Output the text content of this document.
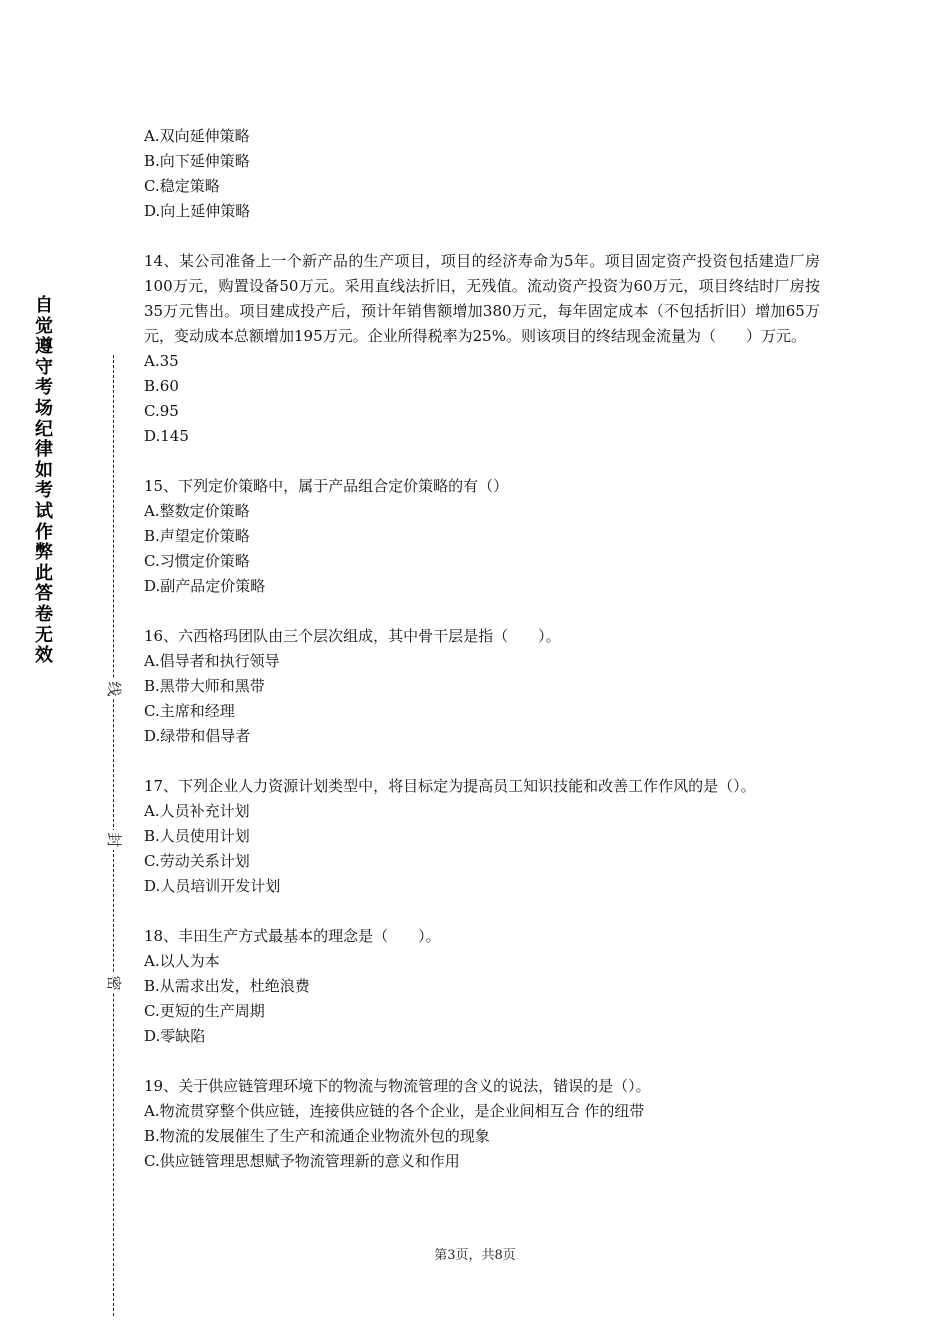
自
觉
遵
守
考
场
纪
律
如
考
试
作
弊
此
答
卷
无
效
线
封
密
A.双向延伸策略
B.向下延伸策略
C.稳定策略
D.向上延伸策略
14、某公司准备上一个新产品的生产项目，项目的经济寿命为5年。项目固定资产投资包括建造厂房100万元，购置设备50万元。采用直线法折旧，无残值。流动资产投资为60万元，项目终结时厂房按35万元售出。项目建成投产后，预计年销售额增加380万元，每年固定成本（不包括折旧）增加65万元，变动成本总额增加195万元。企业所得税率为25%。则该项目的终结现金流量为（　　）万元。
A.35
B.60
C.95
D.145
15、下列定价策略中，属于产品组合定价策略的有（）
A.整数定价策略
B.声望定价策略
C.习惯定价策略
D.副产品定价策略
16、六西格玛团队由三个层次组成，其中骨干层是指（　　）。
A.倡导者和执行领导
B.黑带大师和黑带
C.主席和经理
D.绿带和倡导者
17、下列企业人力资源计划类型中，将目标定为提高员工知识技能和改善工作作风的是（）。
A.人员补充计划
B.人员使用计划
C.劳动关系计划
D.人员培训开发计划
18、丰田生产方式最基本的理念是（　　）。
A.以人为本
B.从需求出发，杜绝浪费
C.更短的生产周期
D.零缺陷
19、关于供应链管理环境下的物流与物流管理的含义的说法，错误的是（）。
A.物流贯穿整个供应链，连接供应链的各个企业，是企业间相互合 作的纽带
B.物流的发展催生了生产和流通企业物流外包的现象
C.供应链管理思想赋予物流管理新的意义和作用
第3页，共8页
